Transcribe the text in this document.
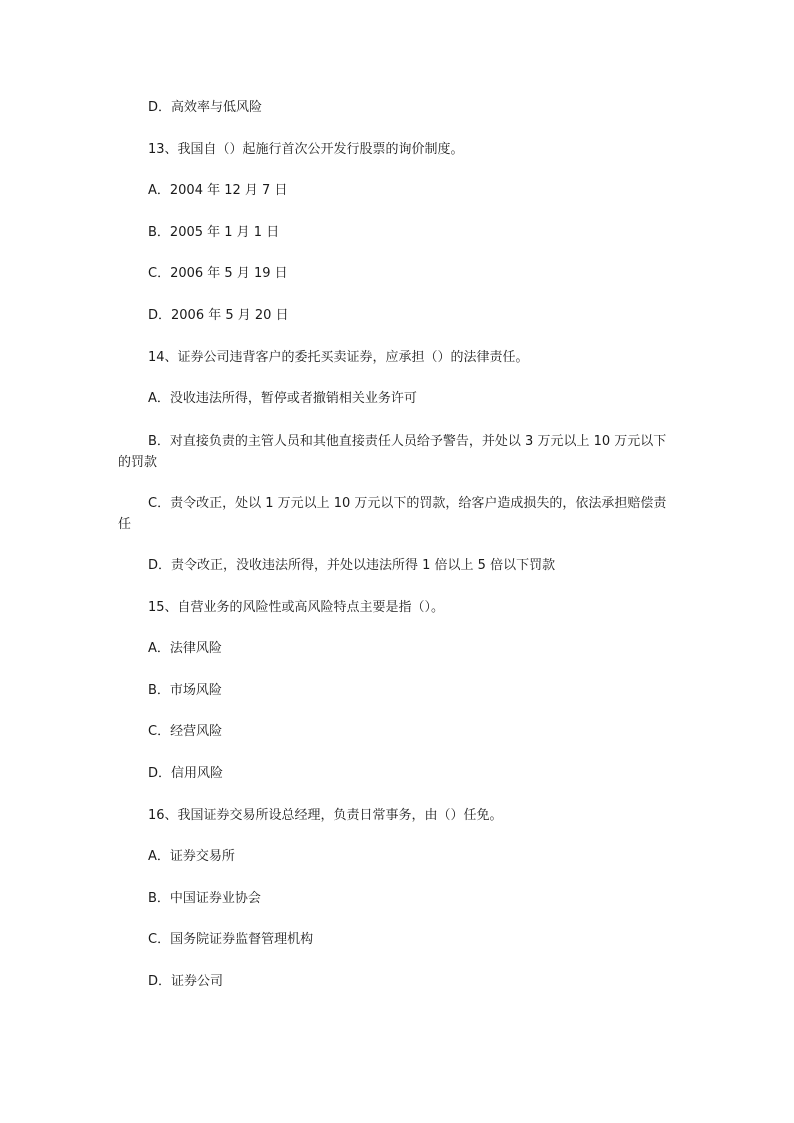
D．高效率与低风险
13、我国自（）起施行首次公开发行股票的询价制度。
A．2004 年 12 月 7 日
B．2005 年 1 月 1 日
C．2006 年 5 月 19 日
D．2006 年 5 月 20 日
14、证券公司违背客户的委托买卖证券，应承担（）的法律责任。
A．没收违法所得，暂停或者撤销相关业务许可
B．对直接负责的主管人员和其他直接责任人员给予警告，并处以 3 万元以上 10 万元以下的罚款
C．责令改正，处以 1 万元以上 10 万元以下的罚款，给客户造成损失的，依法承担赔偿责任
D．责令改正，没收违法所得，并处以违法所得 1 倍以上 5 倍以下罚款
15、自营业务的风险性或高风险特点主要是指（）。
A．法律风险
B．市场风险
C．经营风险
D．信用风险
16、我国证券交易所设总经理，负责日常事务，由（）任免。
A．证券交易所
B．中国证券业协会
C．国务院证券监督管理机构
D．证券公司
